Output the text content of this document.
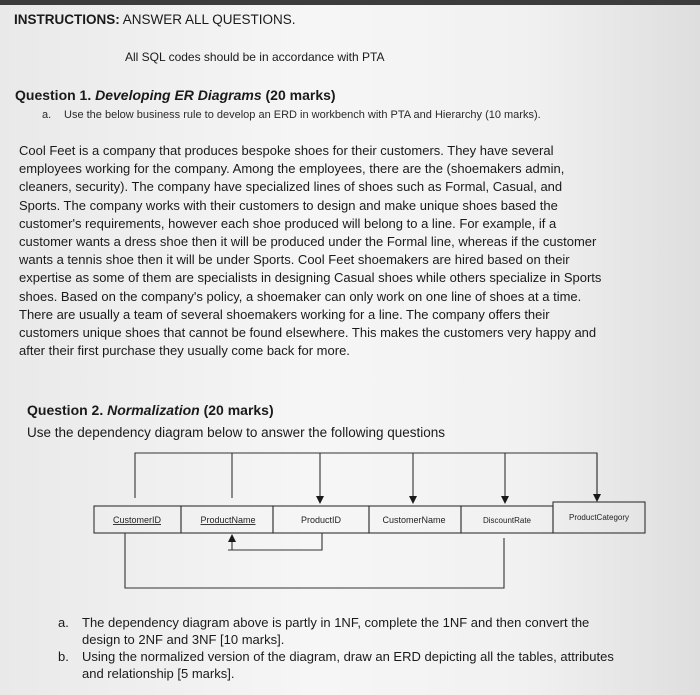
INSTRUCTIONS: ANSWER ALL QUESTIONS.
All SQL codes should be in accordance with PTA
Question 1. Developing ER Diagrams (20 marks)
a. Use the below business rule to develop an ERD in workbench with PTA and Hierarchy (10 marks).
Cool Feet is a company that produces bespoke shoes for their customers. They have several
employees working for the company. Among the employees, there are the (shoemakers admin,
cleaners, security). The company have specialized lines of shoes such as Formal, Casual, and
Sports. The company works with their customers to design and make unique shoes based the
customer's requirements, however each shoe produced will belong to a line. For example, if a
customer wants a dress shoe then it will be produced under the Formal line, whereas if the customer
wants a tennis shoe then it will be under Sports. Cool Feet shoemakers are hired based on their
expertise as some of them are specialists in designing Casual shoes while others specialize in Sports
shoes. Based on the company's policy, a shoemaker can only work on one line of shoes at a time.
There are usually a team of several shoemakers working for a line. The company offers their
customers unique shoes that cannot be found elsewhere. This makes the customers very happy and
after their first purchase they usually come back for more.
Question 2. Normalization (20 marks)
Use the dependency diagram below to answer the following questions
CustomerID	ProductName	ProductID	CustomerName	DiscountRate	ProductCategory
a. The dependency diagram above is partly in 1NF, complete the 1NF and then convert the
design to 2NF and 3NF [10 marks].
b. Using the normalized version of the diagram, draw an ERD depicting all the tables, attributes
and relationship [5 marks].
